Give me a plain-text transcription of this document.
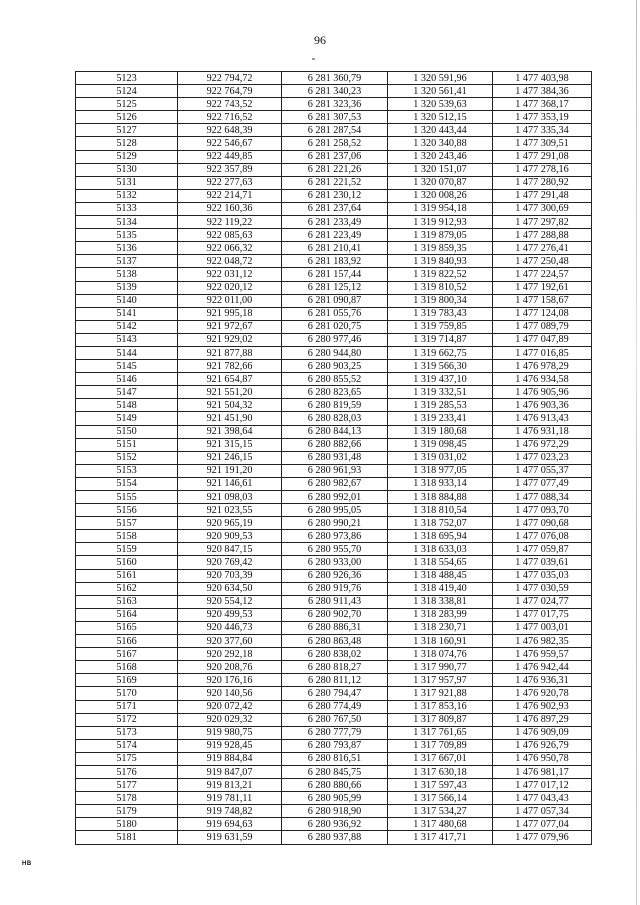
96
5123	922 794,72	6 281 360,79	1 320 591,96	1 477 403,98
5124	922 764,79	6 281 340,23	1 320 561,41	1 477 384,36
5125	922 743,52	6 281 323,36	1 320 539,63	1 477 368,17
5126	922 716,52	6 281 307,53	1 320 512,15	1 477 353,19
5127	922 648,39	6 281 287,54	1 320 443,44	1 477 335,34
5128	922 546,67	6 281 258,52	1 320 340,88	1 477 309,51
5129	922 449,85	6 281 237,06	1 320 243,46	1 477 291,08
5130	922 357,89	6 281 221,26	1 320 151,07	1 477 278,16
5131	922 277,63	6 281 221,52	1 320 070,87	1 477 280,92
5132	922 214,71	6 281 230,12	1 320 008,26	1 477 291,48
5133	922 160,36	6 281 237,64	1 319 954,18	1 477 300,69
5134	922 119,22	6 281 233,49	1 319 912,93	1 477 297,82
5135	922 085,63	6 281 223,49	1 319 879,05	1 477 288,88
5136	922 066,32	6 281 210,41	1 319 859,35	1 477 276,41
5137	922 048,72	6 281 183,92	1 319 840,93	1 477 250,48
5138	922 031,12	6 281 157,44	1 319 822,52	1 477 224,57
5139	922 020,12	6 281 125,12	1 319 810,52	1 477 192,61
5140	922 011,00	6 281 090,87	1 319 800,34	1 477 158,67
5141	921 995,18	6 281 055,76	1 319 783,43	1 477 124,08
5142	921 972,67	6 281 020,75	1 319 759,85	1 477 089,79
5143	921 929,02	6 280 977,46	1 319 714,87	1 477 047,89
5144	921 877,88	6 280 944,80	1 319 662,75	1 477 016,85
5145	921 782,66	6 280 903,25	1 319 566,30	1 476 978,29
5146	921 654,87	6 280 855,52	1 319 437,10	1 476 934,58
5147	921 551,20	6 280 823,65	1 319 332,51	1 476 905,96
5148	921 504,32	6 280 819,59	1 319 285,53	1 476 903,36
5149	921 451,90	6 280 828,03	1 319 233,41	1 476 913,43
5150	921 398,64	6 280 844,13	1 319 180,68	1 476 931,18
5151	921 315,15	6 280 882,66	1 319 098,45	1 476 972,29
5152	921 246,15	6 280 931,48	1 319 031,02	1 477 023,23
5153	921 191,20	6 280 961,93	1 318 977,05	1 477 055,37
5154	921 146,61	6 280 982,67	1 318 933,14	1 477 077,49
5155	921 098,03	6 280 992,01	1 318 884,88	1 477 088,34
5156	921 023,55	6 280 995,05	1 318 810,54	1 477 093,70
5157	920 965,19	6 280 990,21	1 318 752,07	1 477 090,68
5158	920 909,53	6 280 973,86	1 318 695,94	1 477 076,08
5159	920 847,15	6 280 955,70	1 318 633,03	1 477 059,87
5160	920 769,42	6 280 933,00	1 318 554,65	1 477 039,61
5161	920 703,39	6 280 926,36	1 318 488,45	1 477 035,03
5162	920 634,50	6 280 919,76	1 318 419,40	1 477 030,59
5163	920 554,12	6 280 911,43	1 318 338,81	1 477 024,77
5164	920 499,53	6 280 902,70	1 318 283,99	1 477 017,75
5165	920 446,73	6 280 886,31	1 318 230,71	1 477 003,01
5166	920 377,60	6 280 863,48	1 318 160,91	1 476 982,35
5167	920 292,18	6 280 838,02	1 318 074,76	1 476 959,57
5168	920 208,76	6 280 818,27	1 317 990,77	1 476 942,44
5169	920 176,16	6 280 811,12	1 317 957,97	1 476 936,31
5170	920 140,56	6 280 794,47	1 317 921,88	1 476 920,78
5171	920 072,42	6 280 774,49	1 317 853,16	1 476 902,93
5172	920 029,32	6 280 767,50	1 317 809,87	1 476 897,29
5173	919 980,75	6 280 777,79	1 317 761,65	1 476 909,09
5174	919 928,45	6 280 793,87	1 317 709,89	1 476 926,79
5175	919 884,84	6 280 816,51	1 317 667,01	1 476 950,78
5176	919 847,07	6 280 845,75	1 317 630,18	1 476 981,17
5177	919 813,21	6 280 880,66	1 317 597,43	1 477 017,12
5178	919 781,11	6 280 905,99	1 317 566,14	1 477 043,43
5179	919 748,82	6 280 918,90	1 317 534,27	1 477 057,34
5180	919 694,63	6 280 936,92	1 317 480,68	1 477 077,04
5181	919 631,59	6 280 937,88	1 317 417,71	1 477 079,96
HB
